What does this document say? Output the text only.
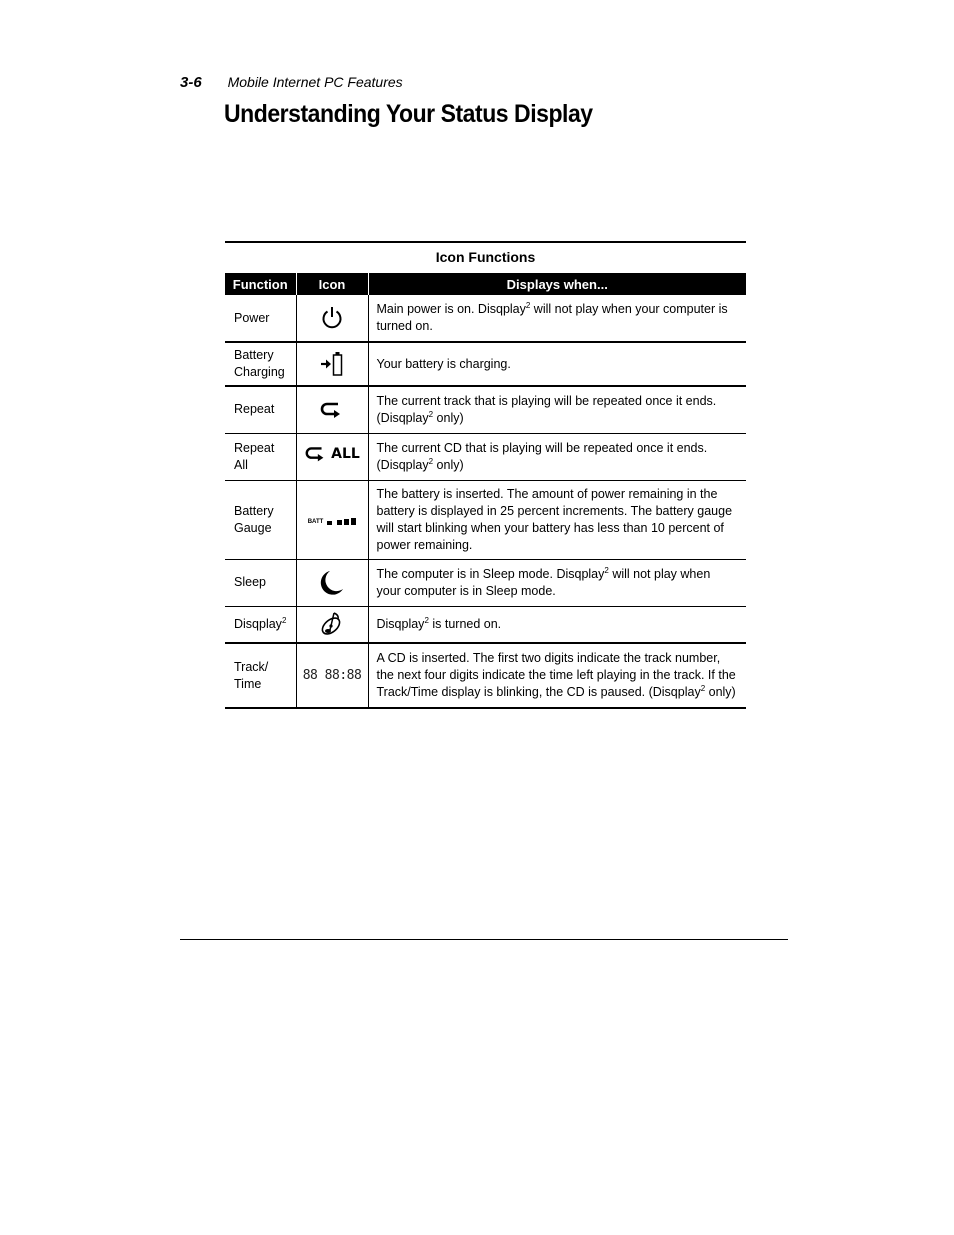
3-6 Mobile Internet PC Features
Understanding Your Status Display
Icon Functions
Function	Icon	Displays when...
Power		Main power is on. Disqplay$^2$ will not play when your computer is turned on.
Battery
Charging		Your battery is charging.
Repeat		The current track that is playing will be repeated once it ends. (Disqplay$^2$ only)
Repeat
All	ALL	The current CD that is playing will be repeated once it ends. (Disqplay$^2$ only)
Battery
Gauge	BATT	The battery is inserted. The amount of power remaining in the battery is displayed in 25 percent increments. The battery gauge will start blinking when your battery has less than 10 percent of power remaining.
Sleep		The computer is in Sleep mode. Disqplay$^2$ will not play when your computer is in Sleep mode.
Disqplay$^2$		Disqplay$^2$ is turned on.
Track/
Time	88 88:88	A CD is inserted. The first two digits indicate the track number, the next four digits indicate the time left playing in the track. If the Track/Time display is blinking, the CD is paused. (Disqplay$^2$ only)
